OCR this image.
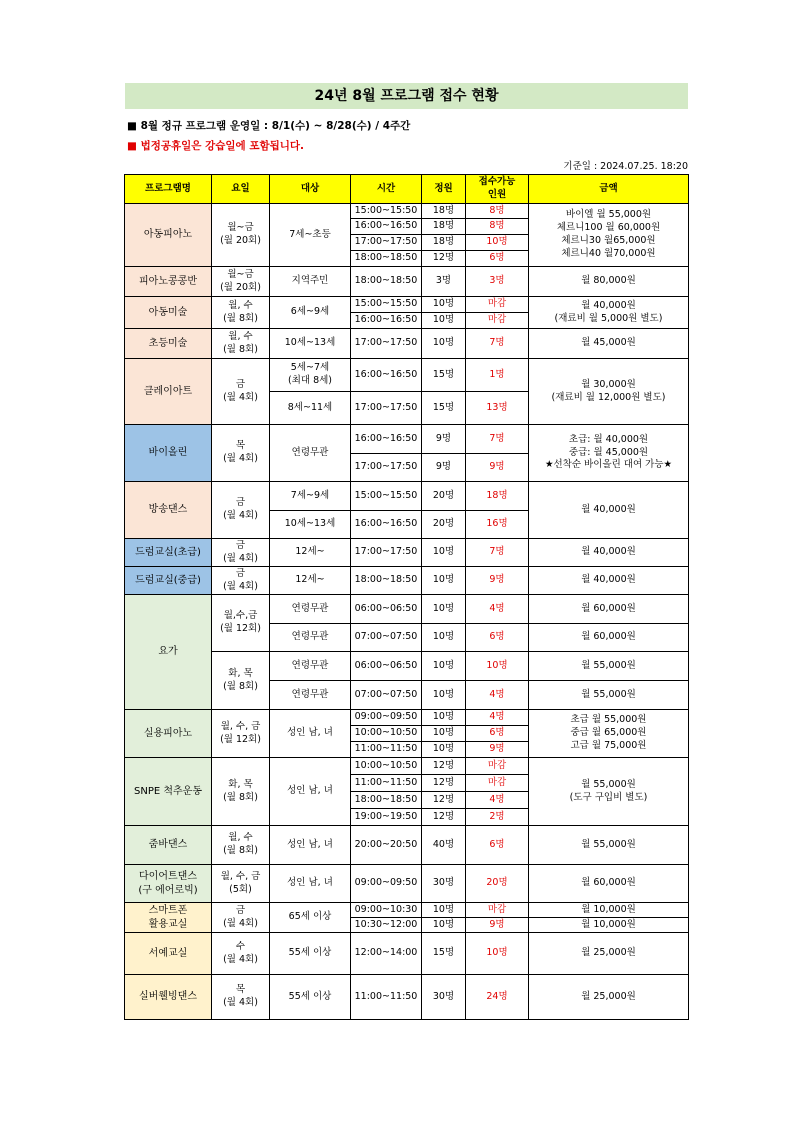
24년 8월 프로그램 접수 현황
■ 8월 정규 프로그램 운영일 : 8/1(수) ~ 8/28(수) / 4주간
■ 법정공휴일은 강습일에 포함됩니다.
기준일 : 2024.07.25. 18:20
프로그램명	요일	대상	시간	정원	접수가능
인원	금액
아동피아노	월~금
(월 20회)	7세~초등	15:00~15:50	18명	8명	바이엘 월 55,000원
체르니100 월 60,000원
체르니30 월65,000원
체르니40 월70,000원
			16:00~16:50	18명	8명	
			17:00~17:50	18명	10명	
			18:00~18:50	12명	6명	
피아노콩콩반	월~금
(월 20회)	지역주민	18:00~18:50	3명	3명	월 80,000원
아동미술	월, 수
(월 8회)	6세~9세	15:00~15:50	10명	마감	월 40,000원
(재료비 월 5,000원 별도)
			16:00~16:50	10명	마감	
초등미술	월, 수
(월 8회)	10세~13세	17:00~17:50	10명	7명	월 45,000원
클레이아트	금
(월 4회)	5세~7세
(최대 8세)	16:00~16:50	15명	1명	월 30,000원
(재료비 월 12,000원 별도)
		8세~11세	17:00~17:50	15명	13명	
바이올린	목
(월 4회)	연령무관	16:00~16:50	9명	7명	초급: 월 40,000원
중급: 월 45,000원
★선착순 바이올린 대여 가능★
			17:00~17:50	9명	9명	
방송댄스	금
(월 4회)	7세~9세	15:00~15:50	20명	18명	월 40,000원
		10세~13세	16:00~16:50	20명	16명	
드럼교실(초급)	금
(월 4회)	12세~	17:00~17:50	10명	7명	월 40,000원
드럼교실(중급)	금
(월 4회)	12세~	18:00~18:50	10명	9명	월 40,000원
요가	월,수,금
(월 12회)	연령무관	06:00~06:50	10명	4명	월 60,000원
		연령무관	07:00~07:50	10명	6명	월 60,000원
	화, 목
(월 8회)	연령무관	06:00~06:50	10명	10명	월 55,000원
		연령무관	07:00~07:50	10명	4명	월 55,000원
실용피아노	월, 수, 금
(월 12회)	성인 남, 녀	09:00~09:50	10명	4명	초급 월 55,000원
중급 월 65,000원
고급 월 75,000원
			10:00~10:50	10명	6명	
			11:00~11:50	10명	9명	
SNPE 척추운동	화, 목
(월 8회)	성인 남, 녀	10:00~10:50	12명	마감	월 55,000원
(도구 구입비 별도)
			11:00~11:50	12명	마감	
			18:00~18:50	12명	4명	
			19:00~19:50	12명	2명	
줌바댄스	월, 수
(월 8회)	성인 남, 녀	20:00~20:50	40명	6명	월 55,000원
다이어트댄스
(구 에어로빅)	월, 수, 금
(5회)	성인 남, 녀	09:00~09:50	30명	20명	월 60,000원
스마트폰
활용교실	금
(월 4회)	65세 이상	09:00~10:30	10명	마감	월 10,000원
			10:30~12:00	10명	9명	월 10,000원
서예교실	수
(월 4회)	55세 이상	12:00~14:00	15명	10명	월 25,000원
실버웰빙댄스	목
(월 4회)	55세 이상	11:00~11:50	30명	24명	월 25,000원
